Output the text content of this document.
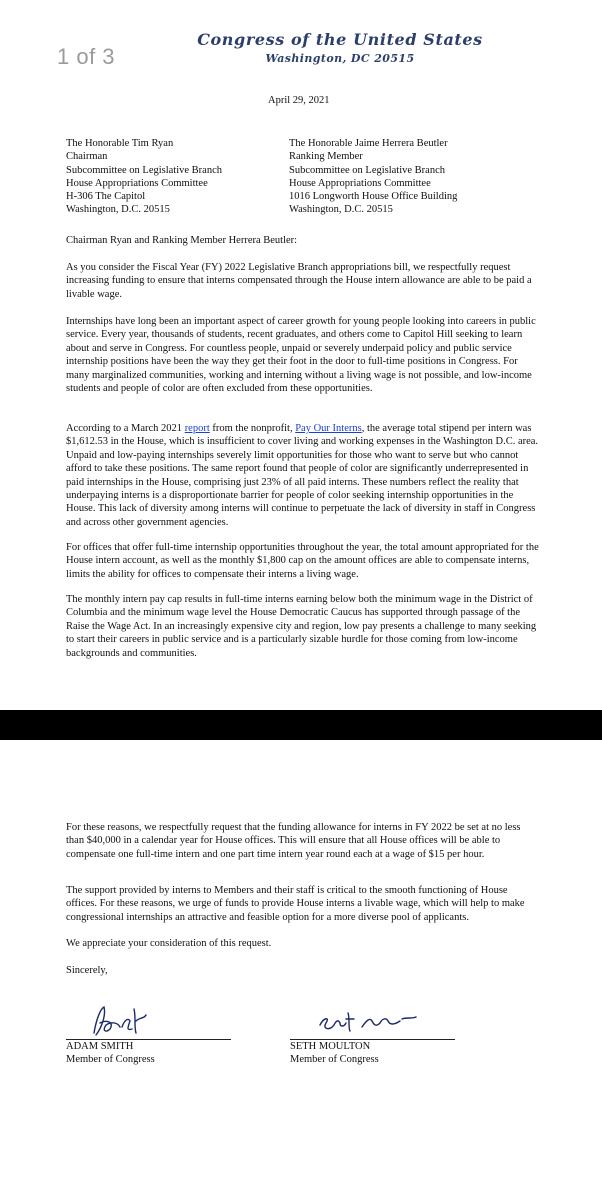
1 of 3
Congress of the United States
Washington, DC 20515
April 29, 2021
The Honorable Tim Ryan
Chairman
Subcommittee on Legislative Branch
House Appropriations Committee
H-306 The Capitol
Washington, D.C. 20515
The Honorable Jaime Herrera Beutler
Ranking Member
Subcommittee on Legislative Branch
House Appropriations Committee
1016 Longworth House Office Building
Washington, D.C. 20515

Chairman Ryan and Ranking Member Herrera Beutler:

As you consider the Fiscal Year (FY) 2022 Legislative Branch appropriations bill, we respectfully request increasing funding to ensure that interns compensated through the House intern allowance are able to be paid a livable wage.

Internships have long been an important aspect of career growth for young people looking into careers in public service. Every year, thousands of students, recent graduates, and others come to Capitol Hill seeking to learn about and serve in Congress. For countless people, unpaid or severely underpaid policy and public service internship positions have been the way they get their foot in the door to full-time positions in Congress. For many marginalized communities, working and interning without a living wage is not possible, and low-income students and people of color are often excluded from these opportunities.

According to a March 2021 report from the nonprofit, Pay Our Interns, the average total stipend per intern was $1,612.53 in the House, which is insufficient to cover living and working expenses in the Washington D.C. area. Unpaid and low-paying internships severely limit opportunities for those who want to serve but who cannot afford to take these positions. The same report found that people of color are significantly underrepresented in paid internships in the House, comprising just 23% of all paid interns. These numbers reflect the reality that underpaying interns is a disproportionate barrier for people of color seeking internship opportunities in the House. This lack of diversity among interns will continue to perpetuate the lack of diversity in staff in Congress and across other government agencies.

For offices that offer full-time internship opportunities throughout the year, the total amount appropriated for the House intern account, as well as the monthly $1,800 cap on the amount offices are able to compensate interns, limits the ability for offices to compensate their interns a living wage.

The monthly intern pay cap results in full-time interns earning below both the minimum wage in the District of Columbia and the minimum wage level the House Democratic Caucus has supported through passage of the Raise the Wage Act. In an increasingly expensive city and region, low pay presents a challenge to many seeking to start their careers in public service and is a particularly sizable hurdle for those coming from low-income backgrounds and communities.

For these reasons, we respectfully request that the funding allowance for interns in FY 2022 be set at no less than $40,000 in a calendar year for House offices. This will ensure that all House offices will be able to compensate one full-time intern and one part time intern year round each at a wage of $15 per hour.

The support provided by interns to Members and their staff is critical to the smooth functioning of House offices. For these reasons, we urge of funds to provide House interns a livable wage, which will help to make congressional internships an attractive and feasible option for a more diverse pool of applicants.

We appreciate your consideration of this request.

Sincerely,

ADAM SMITH
Member of Congress
SETH MOULTON
Member of Congress
